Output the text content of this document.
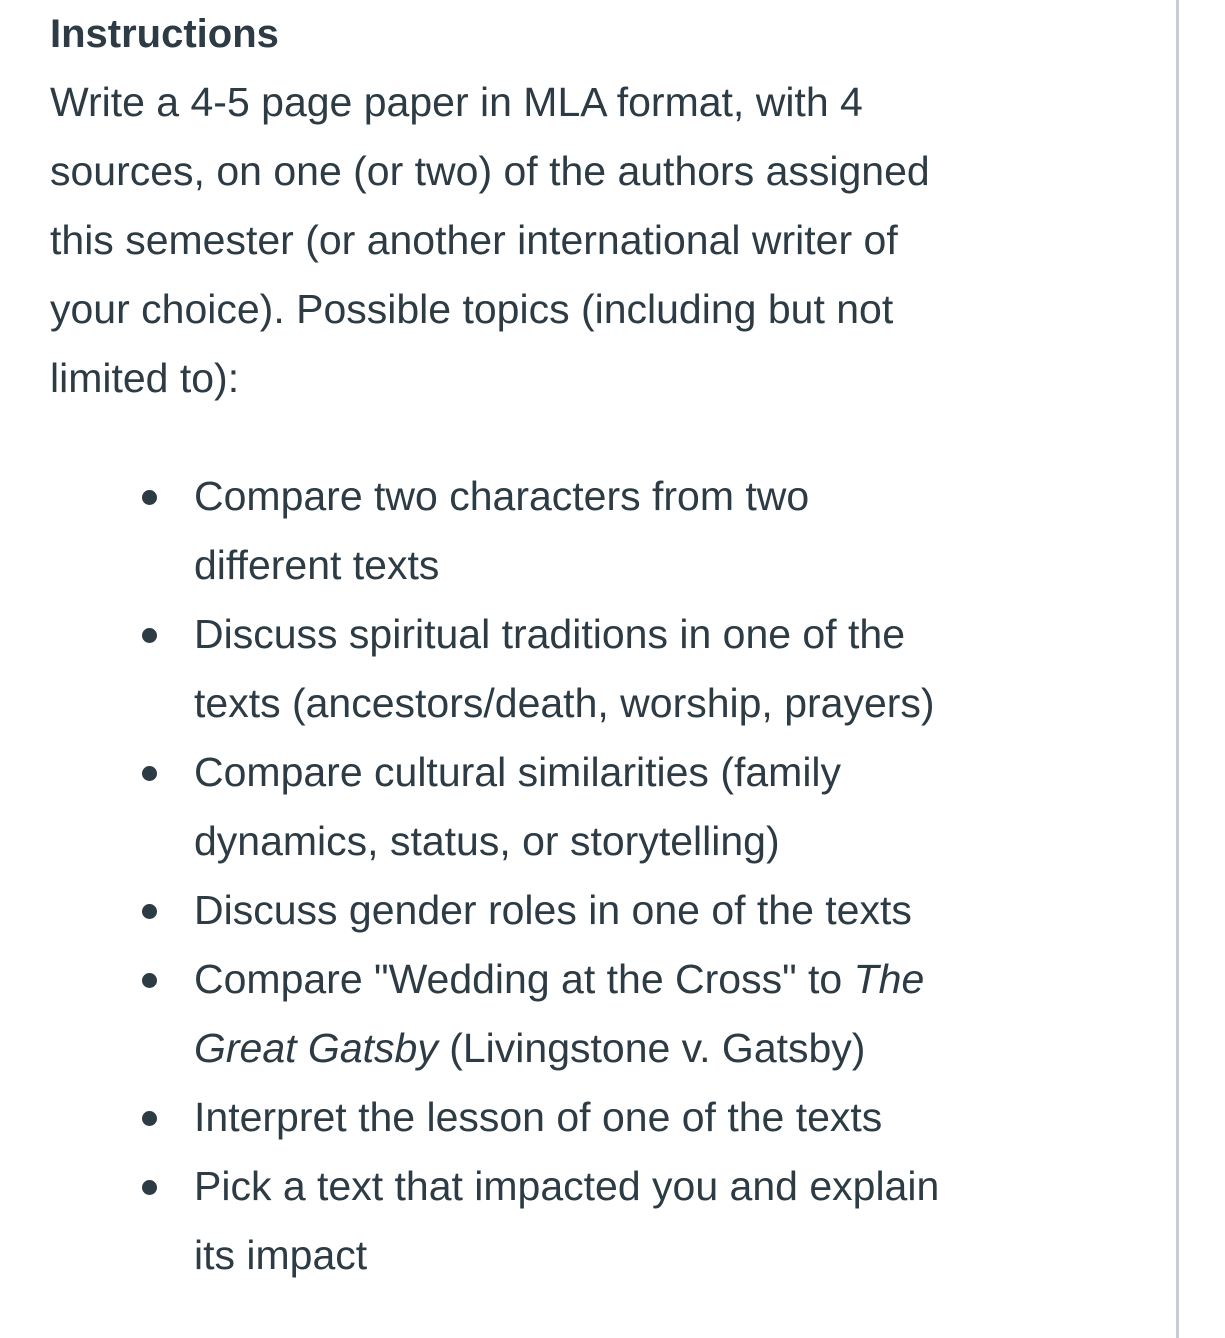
Instructions

Write a 4-5 page paper in MLA format, with 4
sources, on one (or two) of the authors assigned
this semester (or another international writer of
your choice). Possible topics (including but not
limited to):

Compare two characters from two
different texts
Discuss spiritual traditions in one of the
texts (ancestors/death, worship, prayers)
Compare cultural similarities (family
dynamics, status, or storytelling)
Discuss gender roles in one of the texts
Compare "Wedding at the Cross" to The
Great Gatsby (Livingstone v. Gatsby)
Interpret the lesson of one of the texts
Pick a text that impacted you and explain
its impact
